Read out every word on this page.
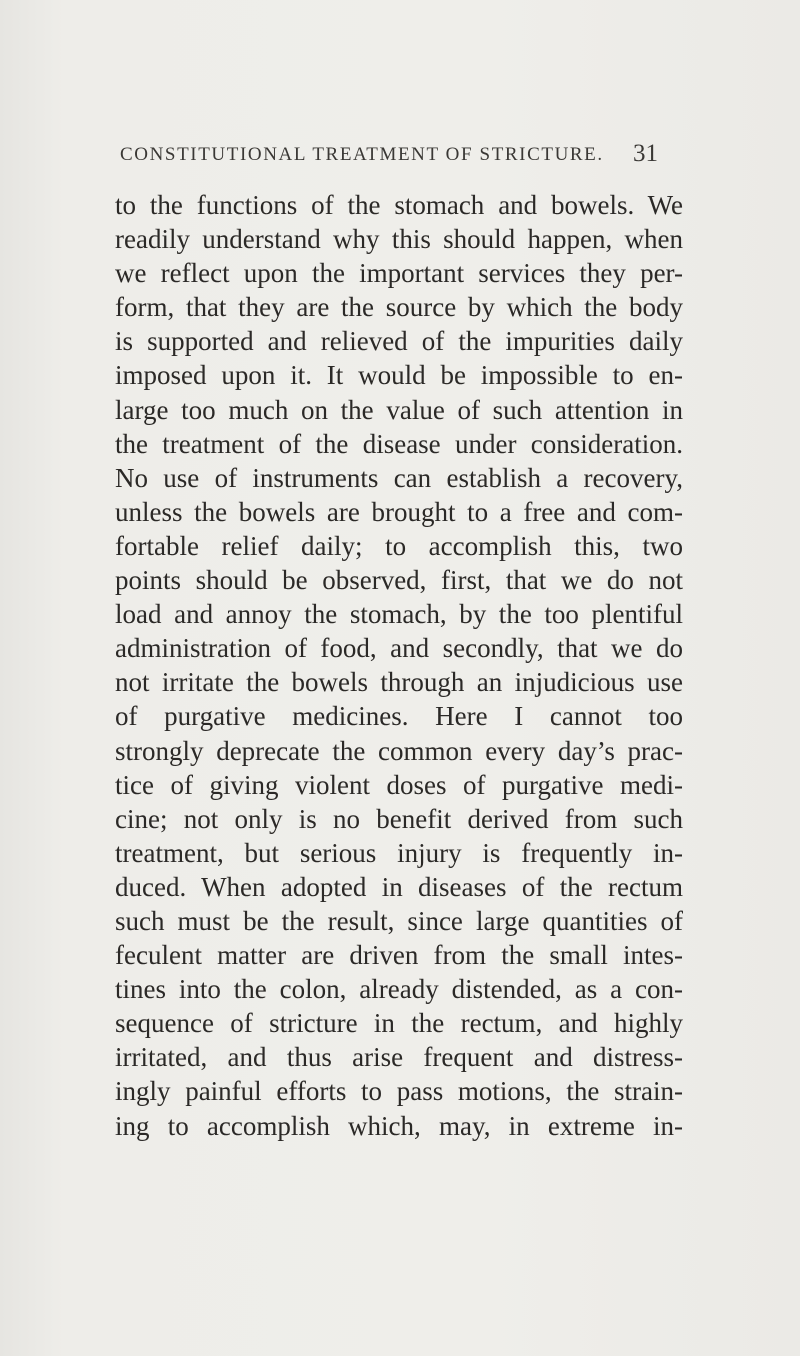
CONSTITUTIONAL TREATMENT OF STRICTURE. 31
to the functions of the stomach and bowels. We
readily understand why this should happen, when
we reflect upon the important services they per-
form, that they are the source by which the body
is supported and relieved of the impurities daily
imposed upon it. It would be impossible to en-
large too much on the value of such attention in
the treatment of the disease under consideration.
No use of instruments can establish a recovery,
unless the bowels are brought to a free and com-
fortable relief daily; to accomplish this, two
points should be observed, first, that we do not
load and annoy the stomach, by the too plentiful
administration of food, and secondly, that we do
not irritate the bowels through an injudicious use
of purgative medicines. Here I cannot too
strongly deprecate the common every day’s prac-
tice of giving violent doses of purgative medi-
cine; not only is no benefit derived from such
treatment, but serious injury is frequently in-
duced. When adopted in diseases of the rectum
such must be the result, since large quantities of
feculent matter are driven from the small intes-
tines into the colon, already distended, as a con-
sequence of stricture in the rectum, and highly
irritated, and thus arise frequent and distress-
ingly painful efforts to pass motions, the strain-
ing to accomplish which, may, in extreme in-
